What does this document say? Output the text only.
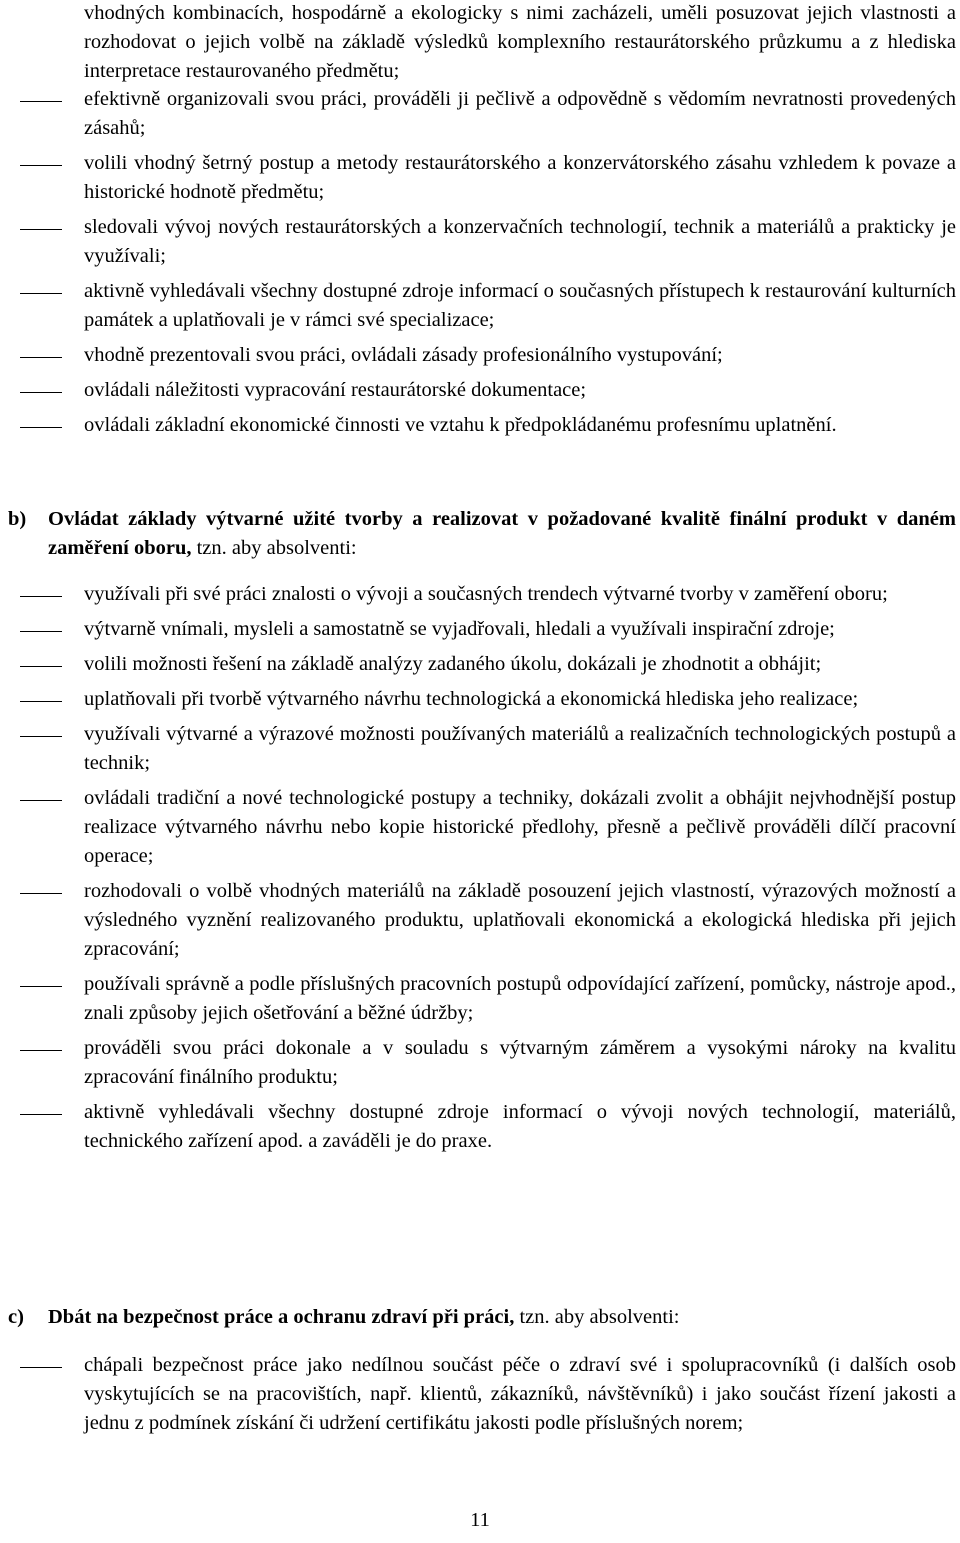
vhodných kombinacích, hospodárně a ekologicky s nimi zacházeli, uměli posuzovat jejich vlastnosti a rozhodovat o jejich volbě na základě výsledků komplexního restaurátorského průzkumu a z hlediska interpretace restaurovaného předmětu;

efektivně organizovali svou práci, prováděli ji pečlivě a odpovědně s vědomím nevratnosti provedených zásahů;
volili vhodný šetrný postup a metody restaurátorského a konzervátorského zásahu vzhledem k povaze a historické hodnotě předmětu;
sledovali vývoj nových restaurátorských a konzervačních technologií, technik a materiálů a prakticky je využívali;
aktivně vyhledávali všechny dostupné zdroje informací o současných přístupech k restaurování kulturních památek a uplatňovali je v rámci své specializace;
vhodně prezentovali svou práci, ovládali zásady profesionálního vystupování;
ovládali náležitosti vypracování restaurátorské dokumentace;
ovládali základní ekonomické činnosti ve vztahu k předpokládanému profesnímu uplatnění.
b) Ovládat základy výtvarné užité tvorby a realizovat v požadované kvalitě finální produkt v daném zaměření oboru, tzn. aby absolventi:
využívali při své práci znalosti o vývoji a současných trendech výtvarné tvorby v zaměření oboru;
výtvarně vnímali, mysleli a samostatně se vyjadřovali, hledali a využívali inspirační zdroje;
volili možnosti řešení na základě analýzy zadaného úkolu, dokázali je zhodnotit a obhájit;
uplatňovali při tvorbě výtvarného návrhu technologická a ekonomická hlediska jeho realizace;
využívali výtvarné a výrazové možnosti používaných materiálů a realizačních technologických postupů a technik;
ovládali tradiční a nové technologické postupy a techniky, dokázali zvolit a obhájit nejvhodnější postup realizace výtvarného návrhu nebo kopie historické předlohy, přesně a pečlivě prováděli dílčí pracovní operace;
rozhodovali o volbě vhodných materiálů na základě posouzení jejich vlastností, výrazových možností a výsledného vyznění realizovaného produktu, uplatňovali ekonomická a ekologická hlediska při jejich zpracování;
používali správně a podle příslušných pracovních postupů odpovídající zařízení, pomůcky, nástroje apod., znali způsoby jejich ošetřování a běžné údržby;
prováděli svou práci dokonale a v souladu s výtvarným záměrem a vysokými nároky na kvalitu zpracování finálního produktu;
aktivně vyhledávali všechny dostupné zdroje informací o vývoji nových technologií, materiálů, technického zařízení apod. a zaváděli je do praxe.
c) Dbát na bezpečnost práce a ochranu zdraví při práci, tzn. aby absolventi:
chápali bezpečnost práce jako nedílnou součást péče o zdraví své i spolupracovníků (i dalších osob vyskytujících se na pracovištích, např. klientů, zákazníků, návštěvníků) i jako součást řízení jakosti a jednu z podmínek získání či udržení certifikátu jakosti podle příslušných norem;
11
